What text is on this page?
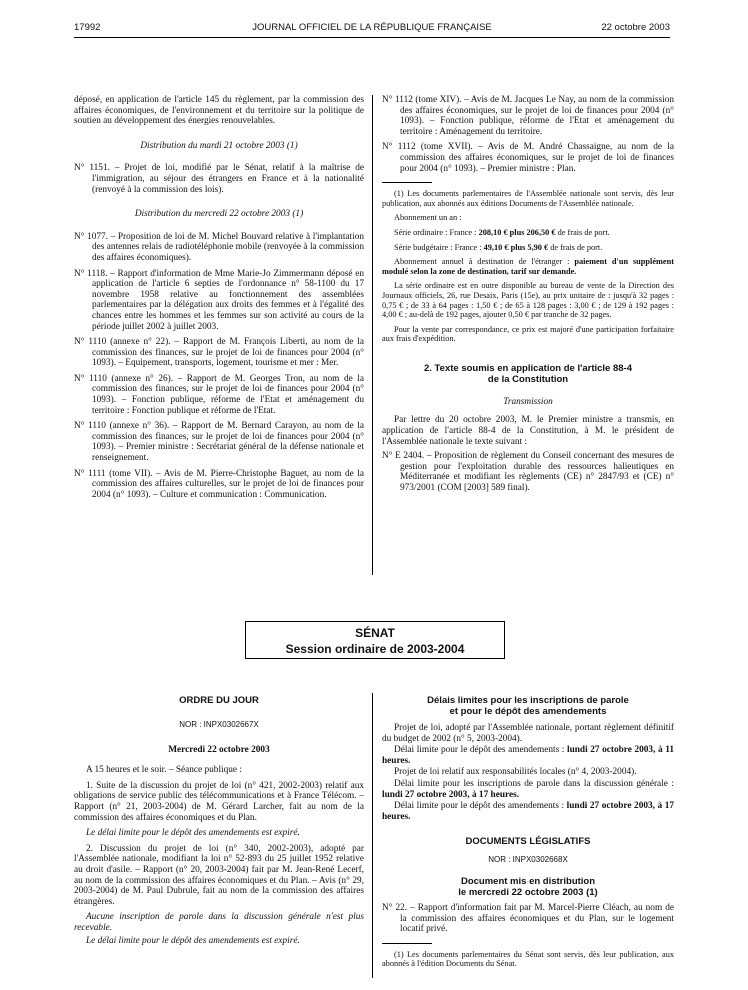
17992	JOURNAL OFFICIEL DE LA RÉPUBLIQUE FRANÇAISE	22 octobre 2003

déposé, en application de l'article 145 du règlement, par la commission des affaires économiques, de l'environnement et du territoire sur la politique de soutien au développement des énergies renouvelables.

Distribution du mardi 21 octobre 2003 (1)
N° 1151. – Projet de loi, modifié par le Sénat, relatif à la maîtrise de l'immigration, au séjour des étrangers en France et à la nationalité (renvoyé à la commission des lois).
Distribution du mercredi 22 octobre 2003 (1)
N° 1077. – Proposition de loi de M. Michel Bouvard relative à l'implantation des antennes relais de radiotéléphonie mobile (renvoyée à la commission des affaires économiques).
N° 1118. – Rapport d'information de Mme Marie-Jo Zimmermann déposé en application de l'article 6 septies de l'ordonnance n° 58-1100 du 17 novembre 1958 relative au fonctionnement des assemblées parlementaires par la délégation aux droits des femmes et à l'égalité des chances entre les hommes et les femmes sur son activité au cours de la période juillet 2002 à juillet 2003.
N° 1110 (annexe n° 22). – Rapport de M. François Liberti, au nom de la commission des finances, sur le projet de loi de finances pour 2004 (n° 1093). – Equipement, transports, logement, tourisme et mer : Mer.
N° 1110 (annexe n° 26). – Rapport de M. Georges Tron, au nom de la commission des finances, sur le projet de loi de finances pour 2004 (n° 1093). – Fonction publique, réforme de l'Etat et aménagement du territoire : Fonction publique et réforme de l'Etat.
N° 1110 (annexe n° 36). – Rapport de M. Bernard Carayon, au nom de la commission des finances, sur le projet de loi de finances pour 2004 (n° 1093). – Premier ministre : Secrétariat général de la défense nationale et renseignement.
N° 1111 (tome VII). – Avis de M. Pierre-Christophe Baguet, au nom de la commission des affaires culturelles, sur le projet de loi de finances pour 2004 (n° 1093). – Culture et communication : Communication.
N° 1112 (tome XIV). – Avis de M. Jacques Le Nay, au nom de la commission des affaires économiques, sur le projet de loi de finances pour 2004 (n° 1093). – Fonction publique, réforme de l'Etat et aménagement du territoire : Aménagement du territoire.
N° 1112 (tome XVII). – Avis de M. André Chassaigne, au nom de la commission des affaires économiques, sur le projet de loi de finances pour 2004 (n° 1093). – Premier ministre : Plan.

(1) Les documents parlementaires de l'Assemblée nationale sont servis, dès leur publication, aux abonnés aux éditions Documents de l'Assemblée nationale.

Abonnement un an :

Série ordinaire : France : 208,10 € plus 206,50 € de frais de port.

Série budgétaire : France : 49,10 € plus 5,90 € de frais de port.

Abonnement annuel à destination de l'étranger : paiement d'un supplément modulé selon la zone de destination, tarif sur demande.

La série ordinaire est en outre disponible au bureau de vente de la Direction des Journaux officiels, 26, rue Desaix, Paris (15e), au prix unitaire de : jusqu'à 32 pages : 0,75 € ; de 33 à 64 pages : 1,50 € ; de 65 à 128 pages : 3,00 € ; de 129 à 192 pages : 4,00 € ; au-delà de 192 pages, ajouter 0,50 € par tranche de 32 pages.

Pour la vente par correspondance, ce prix est majoré d'une participation forfaitaire aux frais d'expédition.

2. Texte soumis en application de l'article 88-4
de la Constitution
Transmission

Par lettre du 20 octobre 2003, M. le Premier ministre a transmis, en application de l'article 88-4 de la Constitution, à M. le président de l'Assemblée nationale le texte suivant :

N° E 2404. – Proposition de règlement du Conseil concernant des mesures de gestion pour l'exploitation durable des ressources halieutiques en Méditerranée et modifiant les règlements (CE) n° 2847/93 et (CE) n° 973/2001 (COM [2003] 589 final).
SÉNAT
Session ordinaire de 2003-2004
ORDRE DU JOUR
NOR : INPX0302667X
Mercredi 22 octobre 2003

A 15 heures et le soir. – Séance publique :

1. Suite de la discussion du projet de loi (n° 421, 2002-2003) relatif aux obligations de service public des télécommunications et à France Télécom. – Rapport (n° 21, 2003-2004) de M. Gérard Larcher, fait au nom de la commission des affaires économiques et du Plan.

Le délai limite pour le dépôt des amendements est expiré.

2. Discussion du projet de loi (n° 340, 2002-2003), adopté par l'Assemblée nationale, modifiant la loi n° 52-893 du 25 juillet 1952 relative au droit d'asile. – Rapport (n° 20, 2003-2004) fait par M. Jean-René Lecerf, au nom de la commission des affaires économiques et du Plan. – Avis (n° 29, 2003-2004) de M. Paul Dubrule, fait au nom de la commission des affaires étrangères.

Aucune inscription de parole dans la discussion générale n'est plus recevable.

Le délai limite pour le dépôt des amendements est expiré.

Délais limites pour les inscriptions de parole
et pour le dépôt des amendements

Projet de loi, adopté par l'Assemblée nationale, portant règlement définitif du budget de 2002 (n° 5, 2003-2004).

Délai limite pour le dépôt des amendements : lundi 27 octobre 2003, à 11 heures.

Projet de loi relatif aux responsabilités locales (n° 4, 2003-2004).

Délai limite pour les inscriptions de parole dans la discussion générale : lundi 27 octobre 2003, à 17 heures.

Délai limite pour le dépôt des amendements : lundi 27 octobre 2003, à 17 heures.

DOCUMENTS LÉGISLATIFS
NOR : INPX0302668X
Document mis en distribution
le mercredi 22 octobre 2003 (1)
N° 22. – Rapport d'information fait par M. Marcel-Pierre Cléach, au nom de la commission des affaires économiques et du Plan, sur le logement locatif privé.

(1) Les documents parlementaires du Sénat sont servis, dès leur publication, aux abonnés à l'édition Documents du Sénat.
